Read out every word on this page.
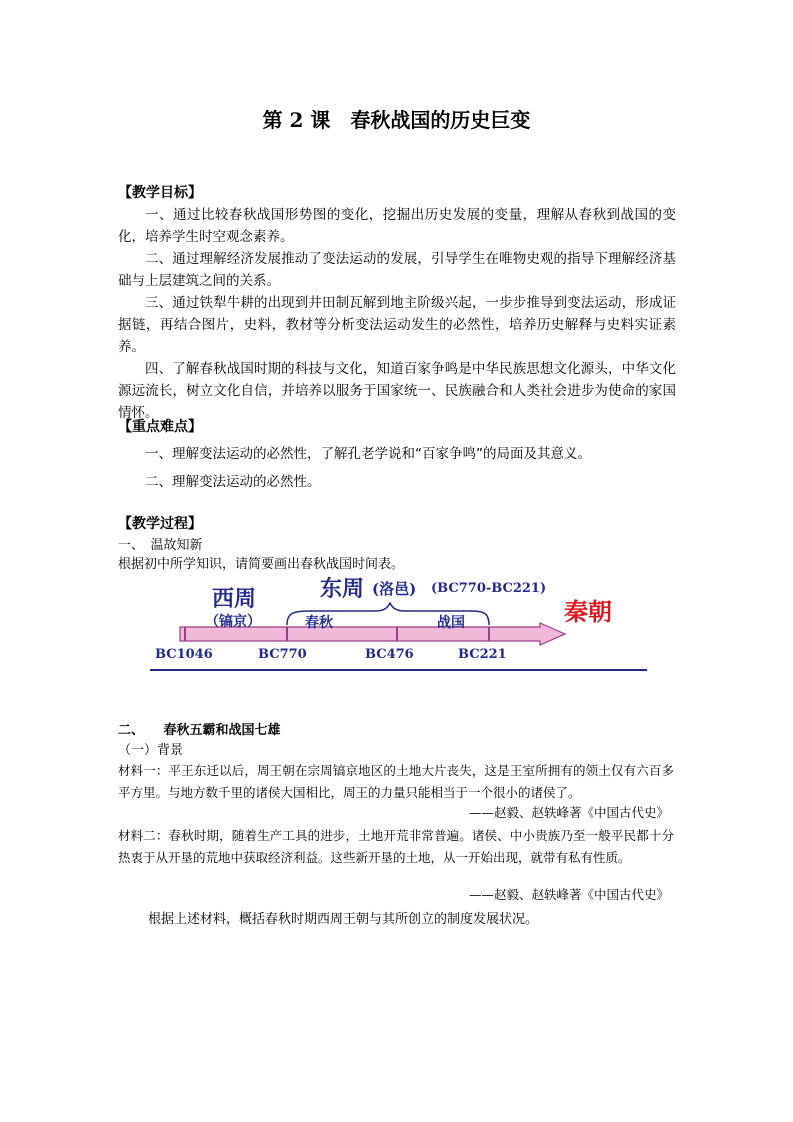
第 2 课　春秋战国的历史巨变
【教学目标】
一、通过比较春秋战国形势图的变化，挖掘出历史发展的变量，理解从春秋到战国的变化，培养学生时空观念素养。
二、通过理解经济发展推动了变法运动的发展，引导学生在唯物史观的指导下理解经济基础与上层建筑之间的关系。
三、通过铁犁牛耕的出现到井田制瓦解到地主阶级兴起，一步步推导到变法运动，形成证据链，再结合图片，史料，教材等分析变法运动发生的必然性，培养历史解释与史料实证素养。
四、了解春秋战国时期的科技与文化，知道百家争鸣是中华民族思想文化源头，中华文化源远流长，树立文化自信，并培养以服务于国家统一、民族融合和人类社会进步为使命的家国情怀。
【重点难点】
一、理解变法运动的必然性，了解孔老学说和“百家争鸣”的局面及其意义。
二、理解变法运动的必然性。
【教学过程】
一、　温故知新
根据初中所学知识，请简要画出春秋战国时间表。
西周
（镐京）
东周 (洛邑) (BC770-BC221)
春秋	战国	秦朝
BC1046	BC770	BC476	BC221
二、　　春秋五霸和战国七雄
（一）背景
材料一：平王东迁以后，周王朝在宗周镐京地区的土地大片丧失，这是王室所拥有的领土仅有六百多平方里。与地方数千里的诸侯大国相比，周王的力量只能相当于一个很小的诸侯了。
——赵毅、赵轶峰著《中国古代史》
材料二：春秋时期，随着生产工具的进步，土地开荒非常普遍。诸侯、中小贵族乃至一般平民都十分热衷于从开垦的荒地中获取经济利益。这些新开垦的土地，从一开始出现，就带有私有性质。
——赵毅、赵轶峰著《中国古代史》
根据上述材料，概括春秋时期西周王朝与其所创立的制度发展状况。
